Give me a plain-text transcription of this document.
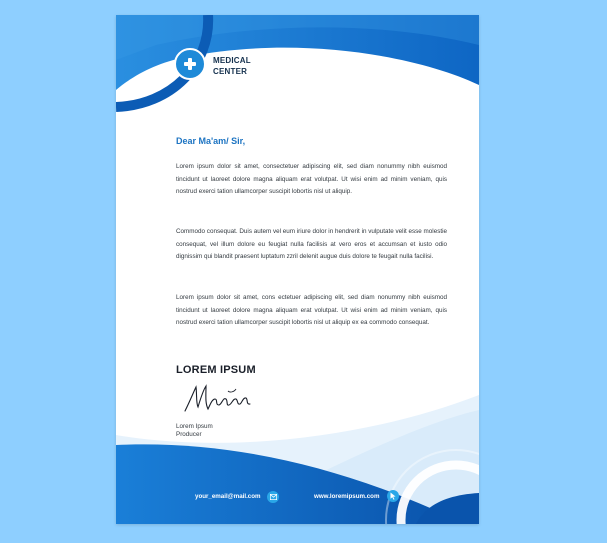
MEDICAL
CENTER
Dear Ma'am/ Sir,

Lorem ipsum dolor sit amet, consectetuer adipiscing elit, sed diam nonummy nibh euismod tincidunt ut laoreet dolore magna aliquam erat volutpat. Ut wisi enim ad minim veniam, quis nostrud exerci tation ullamcorper suscipit lobortis nisl ut aliquip.

Commodo consequat. Duis autem vel eum iriure dolor in hendrerit in vulputate velit esse molestie consequat, vel illum dolore eu feugiat nulla facilisis at vero eros et accumsan et iusto odio dignissim qui blandit praesent luptatum zzril delenit augue duis dolore te feugait nulla facilisi.

Lorem ipsum dolor sit amet, cons ectetuer adipiscing elit, sed diam nonummy nibh euismod tincidunt ut laoreet dolore magna aliquam erat volutpat. Ut wisi enim ad minim veniam, quis nostrud exerci tation ullamcorper suscipit lobortis nisl ut aliquip ex ea commodo consequat.

LOREM IPSUM
Lorem Ipsum
Producer
your_email@mail.com	www.loremipsum.com
